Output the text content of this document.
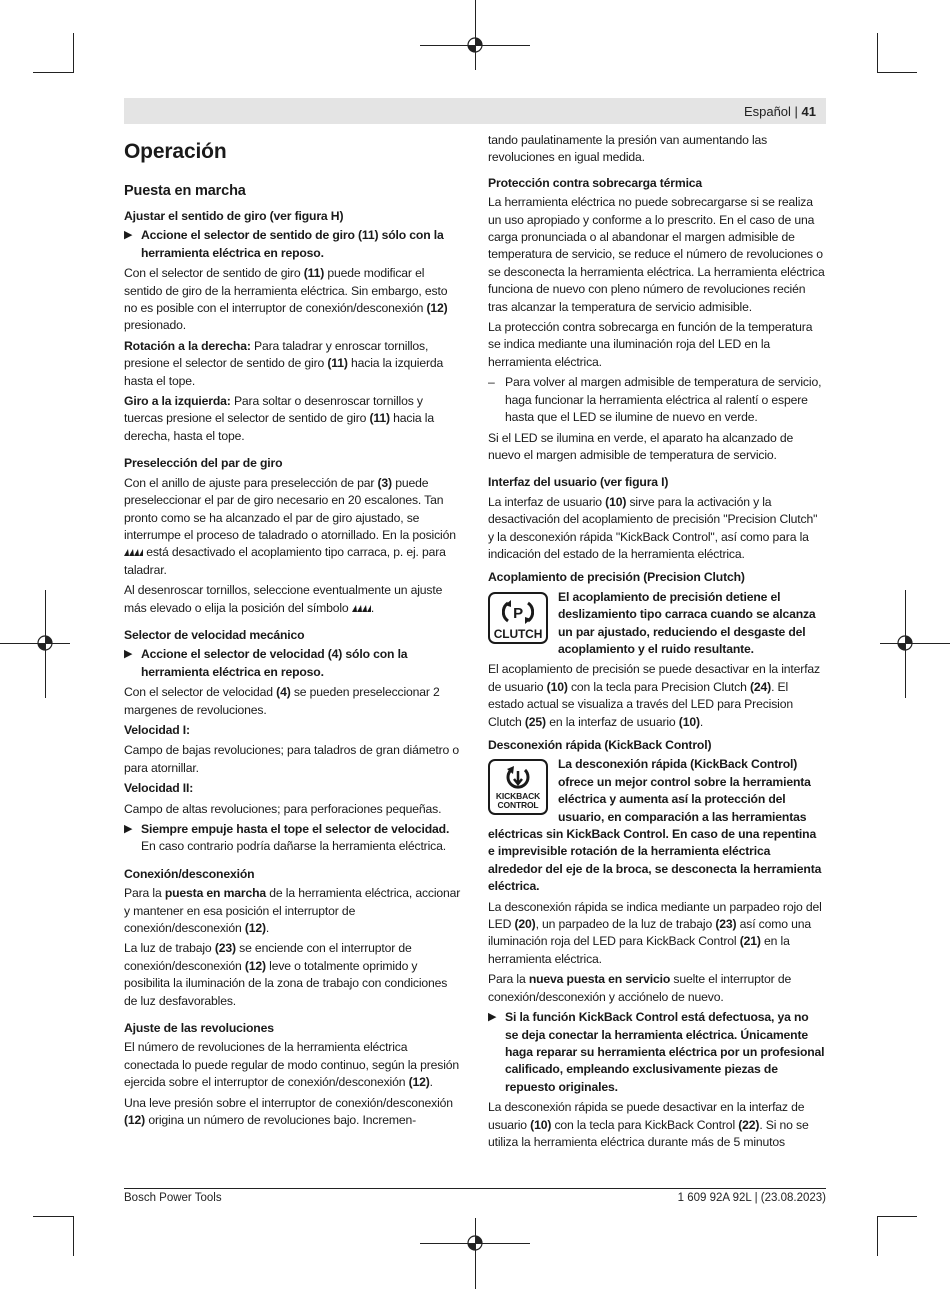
Español | 41
Operación
Puesta en marcha
Ajustar el sentido de giro (ver figura H)
▶ Accione el selector de sentido de giro (11) sólo con la herramienta eléctrica en reposo.

Con el selector de sentido de giro (11) puede modificar el sentido de giro de la herramienta eléctrica. Sin embargo, esto no es posible con el interruptor de conexión/desconexión (12) presionado.

Rotación a la derecha: Para taladrar y enroscar tornillos, presione el selector de sentido de giro (11) hacia la izquierda hasta el tope.

Giro a la izquierda: Para soltar o desenroscar tornillos y tuercas presione el selector de sentido de giro (11) hacia la derecha, hasta el tope.

Preselección del par de giro

Con el anillo de ajuste para preselección de par (3) puede preseleccionar el par de giro necesario en 20 escalones. Tan pronto como se ha alcanzado el par de giro ajustado, se interrumpe el proceso de taladrado o atornillado. En la posición  está desactivado el acoplamiento tipo carraca, p. ej. para taladrar.

Al desenroscar tornillos, seleccione eventualmente un ajuste más elevado o elija la posición del símbolo .

Selector de velocidad mecánico
▶ Accione el selector de velocidad (4) sólo con la herramienta eléctrica en reposo.

Con el selector de velocidad (4) se pueden preseleccionar 2 margenes de revoluciones.

Velocidad I:

Campo de bajas revoluciones; para taladros de gran diámetro o para atornillar.

Velocidad II:

Campo de altas revoluciones; para perforaciones pequeñas.

▶ Siempre empuje hasta el tope el selector de velocidad. En caso contrario podría dañarse la herramienta eléctrica.
Conexión/desconexión

Para la puesta en marcha de la herramienta eléctrica, accionar y mantener en esa posición el interruptor de conexión/desconexión (12).

La luz de trabajo (23) se enciende con el interruptor de conexión/desconexión (12) leve o totalmente oprimido y posibilita la iluminación de la zona de trabajo con condiciones de luz desfavorables.

Ajuste de las revoluciones

El número de revoluciones de la herramienta eléctrica conectada lo puede regular de modo continuo, según la presión ejercida sobre el interruptor de conexión/desconexión (12).

Una leve presión sobre el interruptor de conexión/desconexión (12) origina un número de revoluciones bajo. Incremen-

tando paulatinamente la presión van aumentando las revoluciones en igual medida.

Protección contra sobrecarga térmica

La herramienta eléctrica no puede sobrecargarse si se realiza un uso apropiado y conforme a lo prescrito. En el caso de una carga pronunciada o al abandonar el margen admisible de temperatura de servicio, se reduce el número de revoluciones o se desconecta la herramienta eléctrica. La herramienta eléctrica funciona de nuevo con pleno número de revoluciones recién tras alcanzar la temperatura de servicio admisible.

La protección contra sobrecarga en función de la temperatura se indica mediante una iluminación roja del LED en la herramienta eléctrica.

– Para volver al margen admisible de temperatura de servicio, haga funcionar la herramienta eléctrica al ralentí o espere hasta que el LED se ilumine de nuevo en verde.

Si el LED se ilumina en verde, el aparato ha alcanzado de nuevo el margen admisible de temperatura de servicio.

Interfaz del usuario (ver figura I)

La interfaz de usuario (10) sirve para la activación y la desactivación del acoplamiento de precisión "Precision Clutch" y la desconexión rápida "KickBack Control", así como para la indicación del estado de la herramienta eléctrica.

Acoplamiento de precisión (Precision Clutch)
P
CLUTCH
El acoplamiento de precisión detiene el deslizamiento tipo carraca cuando se alcanza un par ajustado, reduciendo el desgaste del acoplamiento y el ruido resultante.

El acoplamiento de precisión se puede desactivar en la interfaz de usuario (10) con la tecla para Precision Clutch (24). El estado actual se visualiza a través del LED para Precision Clutch (25) en la interfaz de usuario (10).

Desconexión rápida (KickBack Control)
KICKBACK
CONTROL
La desconexión rápida (KickBack Control) ofrece un mejor control sobre la herramienta eléctrica y aumenta así la protección del usuario, en comparación a las herramientas eléctricas sin KickBack Control. En caso de una repentina e imprevisible rotación de la herramienta eléctrica alrededor del eje de la broca, se desconecta la herramienta eléctrica.

La desconexión rápida se indica mediante un parpadeo rojo del LED (20), un parpadeo de la luz de trabajo (23) así como una iluminación roja del LED para KickBack Control (21) en la herramienta eléctrica.

Para la nueva puesta en servicio suelte el interruptor de conexión/desconexión y acciónelo de nuevo.

▶ Si la función KickBack Control está defectuosa, ya no se deja conectar la herramienta eléctrica. Únicamente haga reparar su herramienta eléctrica por un profesional calificado, empleando exclusivamente piezas de repuesto originales.

La desconexión rápida se puede desactivar en la interfaz de usuario (10) con la tecla para KickBack Control (22). Si no se utiliza la herramienta eléctrica durante más de 5 minutos

Bosch Power Tools	1 609 92A 92L | (23.08.2023)
